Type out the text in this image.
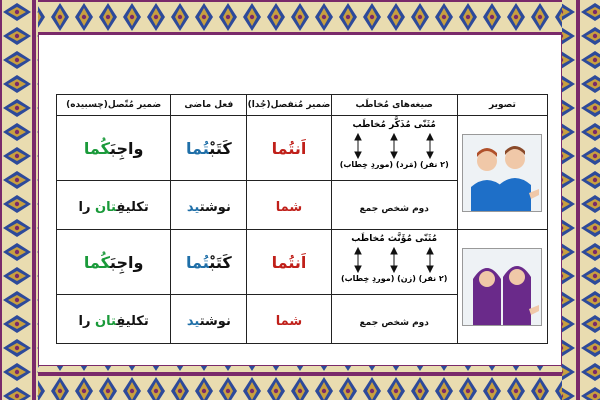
تصویر	صیغه‌های مُخاطَب	ضمیر مُنفصل(جُدا)	فعل ماضی	ضمیر مُتّصل(چسبیده)

مُثَنّی مُذَکَّر مُخاطَب
(۲ نفر) (مَرد) (موردِ خِطاب)	اَنتُما	کَتَبْتُما	واجِبَکُما
	دوم شخص جمع	شما	نوشتید	تکلیفِتان را

مُثَنّی مُؤَنَّث مُخاطَب
(۲ نفر) (زن) (موردِ خِطاب)	اَنتُما	کَتَبْتُما	واجِبَکُما
	دوم شخص جمع	شما	نوشتید	تکلیفِتان را
